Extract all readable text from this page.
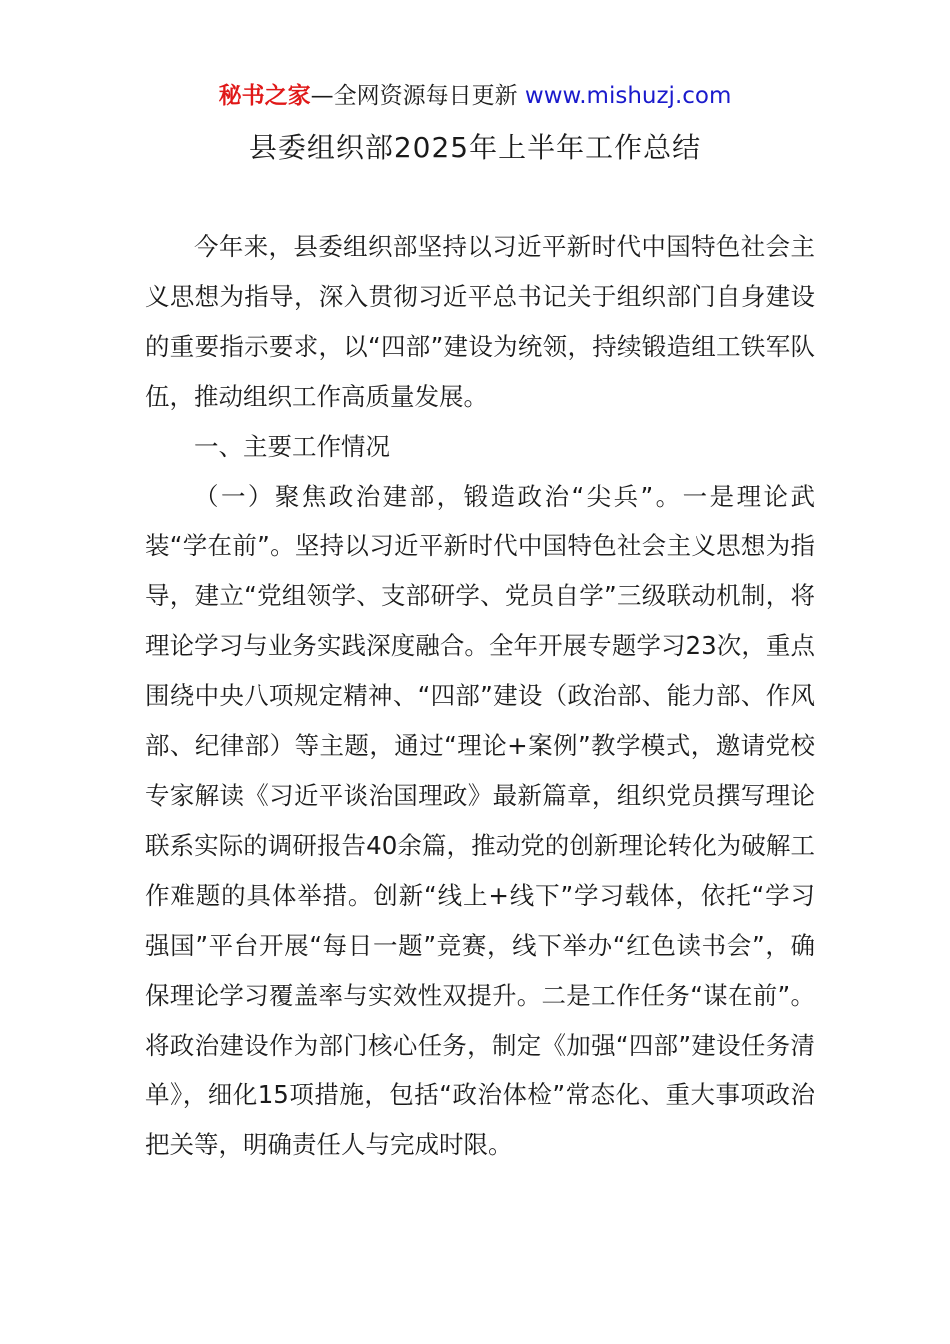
秘书之家—全网资源每日更新 www.mishuzj.com
县委组织部2025年上半年工作总结

今年来，县委组织部坚持以习近平新时代中国特色社会主义思想为指导，深入贯彻习近平总书记关于组织部门自身建设的重要指示要求，以“四部”建设为统领，持续锻造组工铁军队伍，推动组织工作高质量发展。

一、主要工作情况

（一）聚焦政治建部，锻造政治“尖兵”。一是理论武装“学在前”。坚持以习近平新时代中国特色社会主义思想为指导，建立“党组领学、支部研学、党员自学”三级联动机制，将理论学习与业务实践深度融合。全年开展专题学习23次，重点围绕中央八项规定精神、“四部”建设（政治部、能力部、作风部、纪律部）等主题，通过“理论+案例”教学模式，邀请党校专家解读《习近平谈治国理政》最新篇章，组织党员撰写理论联系实际的调研报告40余篇，推动党的创新理论转化为破解工作难题的具体举措。创新“线上+线下”学习载体，依托“学习强国”平台开展“每日一题”竞赛，线下举办“红色读书会”，确保理论学习覆盖率与实效性双提升。二是工作任务“谋在前”。将政治建设作为部门核心任务，制定《加强“四部”建设任务清单》，细化15项措施，包括“政治体检”常态化、重大事项政治把关等，明确责任人与完成时限。
